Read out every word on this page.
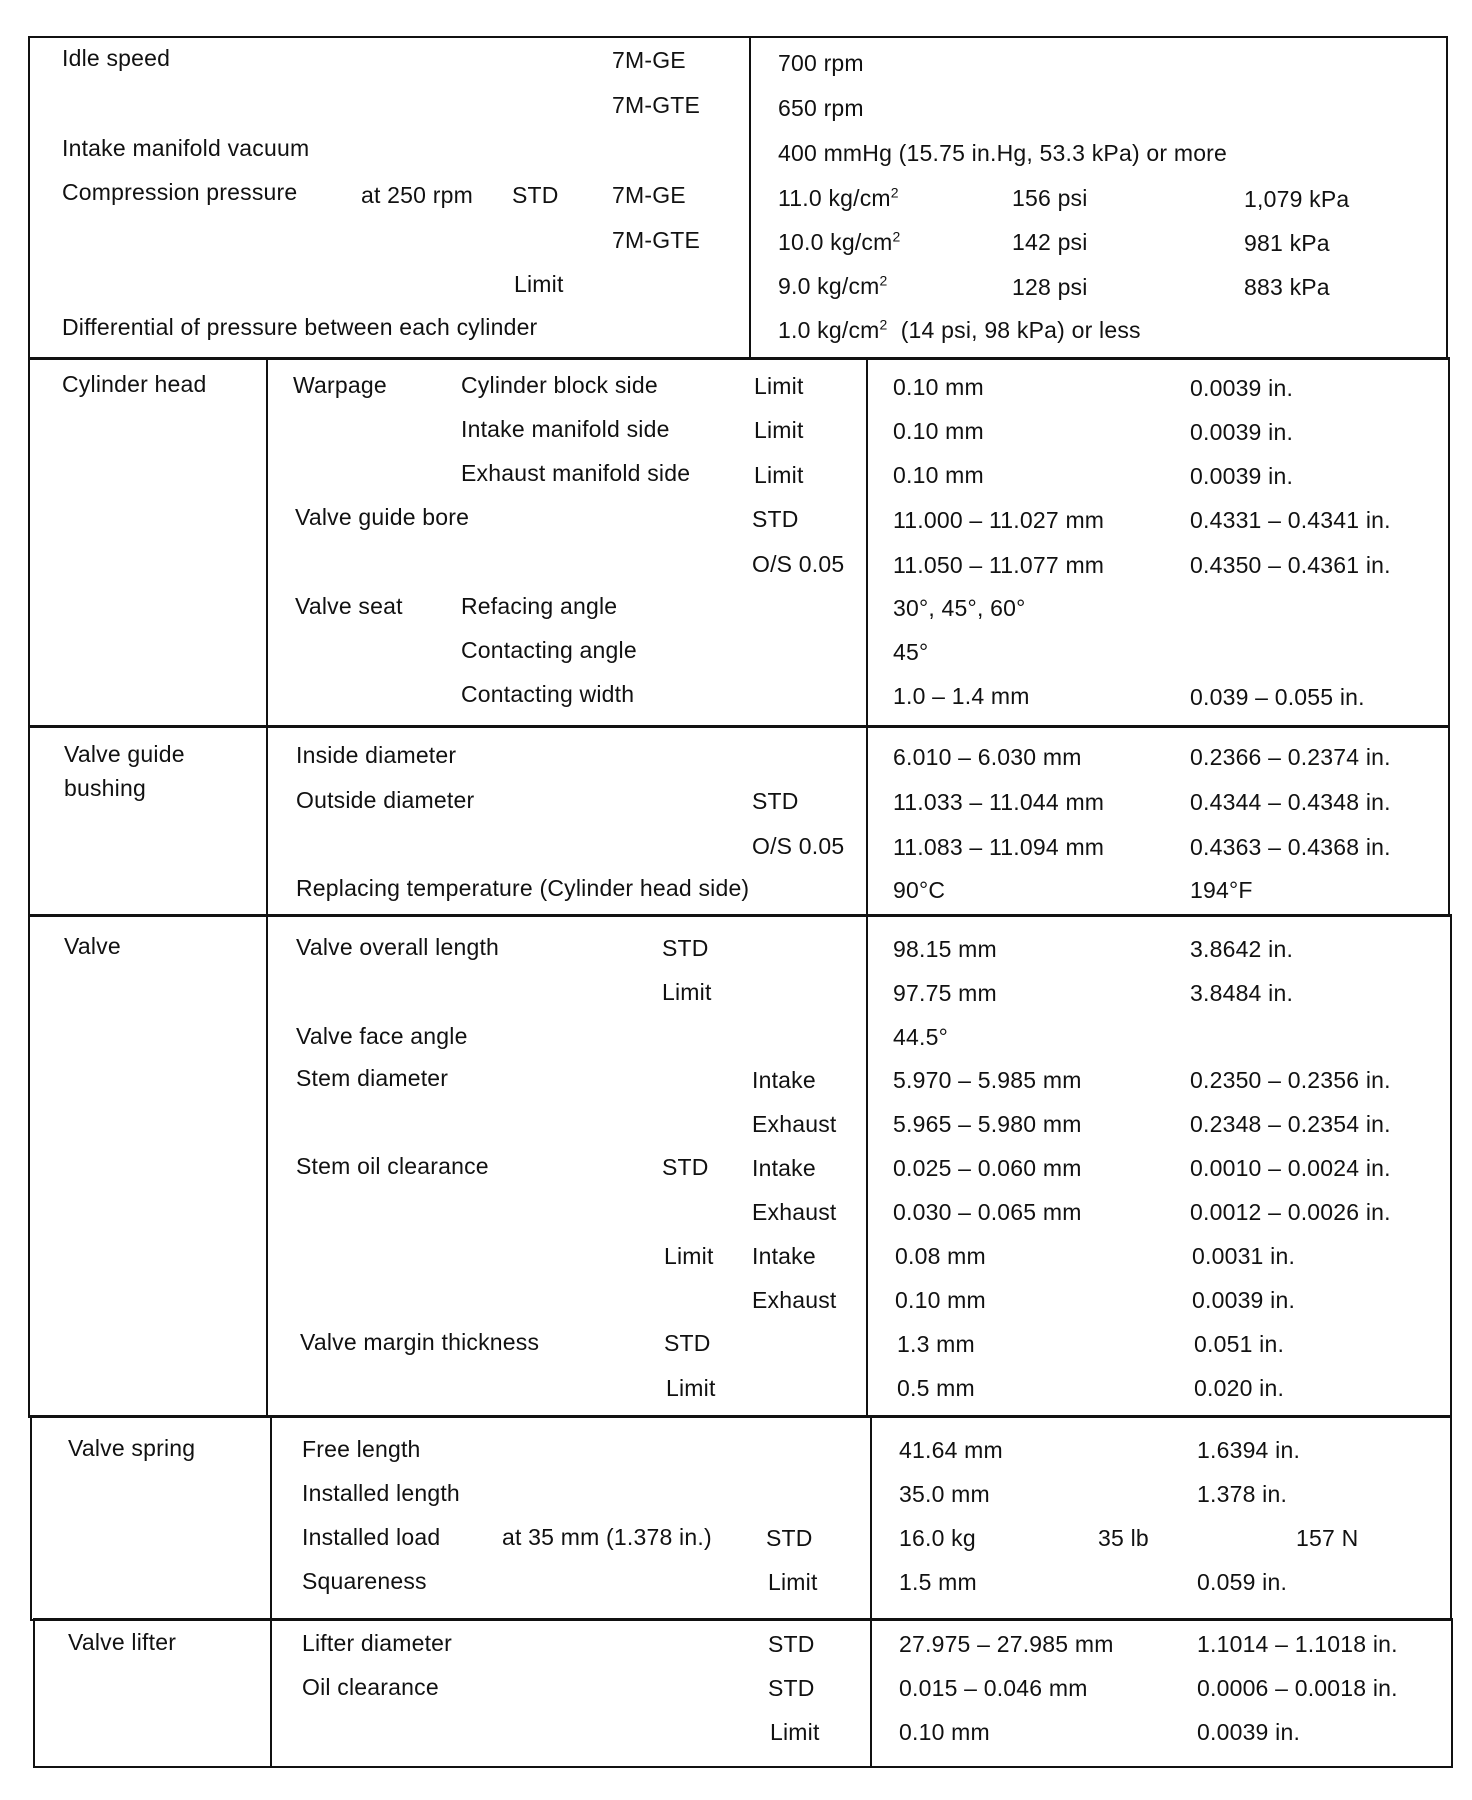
Idle speed	7M-GE	700 rpm
7M-GTE	650 rpm
Intake manifold vacuum	400 mmHg (15.75 in.Hg, 53.3 kPa) or more
Compression pressure	at 250 rpm STD 7M-GE	11.0 $kg/cm^2$	156 psi	1,079 kPa
7M-GTE	10.0 $kg/cm^2$	142 psi	981 kPa
Limit	9.0 $kg/cm^2$	128 psi	883 kPa
Differential of pressure between each cylinder	1.0 $kg/cm^2$ (14 psi, 98 kPa) or less
Cylinder head	Warpage	Cylinder block side	Limit	0.10 mm	0.0039 in.
Intake manifold side	Limit	0.10 mm	0.0039 in.
Exhaust manifold side	Limit	0.10 mm	0.0039 in.
Valve guide bore	STD	11.000 – 11.027 mm	0.4331 – 0.4341 in.
O/S 0.05 11.050 – 11.077 mm	0.4350 – 0.4361 in.
Valve seat	Refacing angle	30°, 45°, 60°
Contacting angle	45°
Contacting width	1.0 – 1.4 mm	0.039 – 0.055 in.
Valve guide
bushing
Inside diameter	6.010 – 6.030 mm	0.2366 – 0.2374 in.
Outside diameter	STD	11.033 – 11.044 mm	0.4344 – 0.4348 in.
O/S 0.05 11.083 – 11.094 mm	0.4363 – 0.4368 in.
Replacing temperature (Cylinder head side)	90°C	194°F
Valve	Valve overall length	STD	98.15 mm	3.8642 in.
Limit	97.75 mm	3.8484 in.
Valve face angle	44.5°
Stem diameter	Intake	5.970 – 5.985 mm	0.2350 – 0.2356 in.
Exhaust 5.965 – 5.980 mm	0.2348 – 0.2354 in.
Stem oil clearance	STD Intake	0.025 – 0.060 mm	0.0010 – 0.0024 in.
Exhaust 0.030 – 0.065 mm	0.0012 – 0.0026 in.
Limit Intake	0.08 mm	0.0031 in.
Exhaust	0.10 mm	0.0039 in.
Valve margin thickness	STD	1.3 mm	0.051 in.
Limit	0.5 mm	0.020 in.
Valve spring	Free length	41.64 mm	1.6394 in.
Installed length	35.0 mm	1.378 in.
Installed load	at 35 mm (1.378 in.) STD	16.0 kg	35 lb	157 N
Squareness	Limit	1.5 mm	0.059 in.
Valve lifter	Lifter diameter	STD	27.975 – 27.985 mm	1.1014 – 1.1018 in.
Oil clearance	STD	0.015 – 0.046 mm	0.0006 – 0.0018 in.
Limit	0.10 mm	0.0039 in.
